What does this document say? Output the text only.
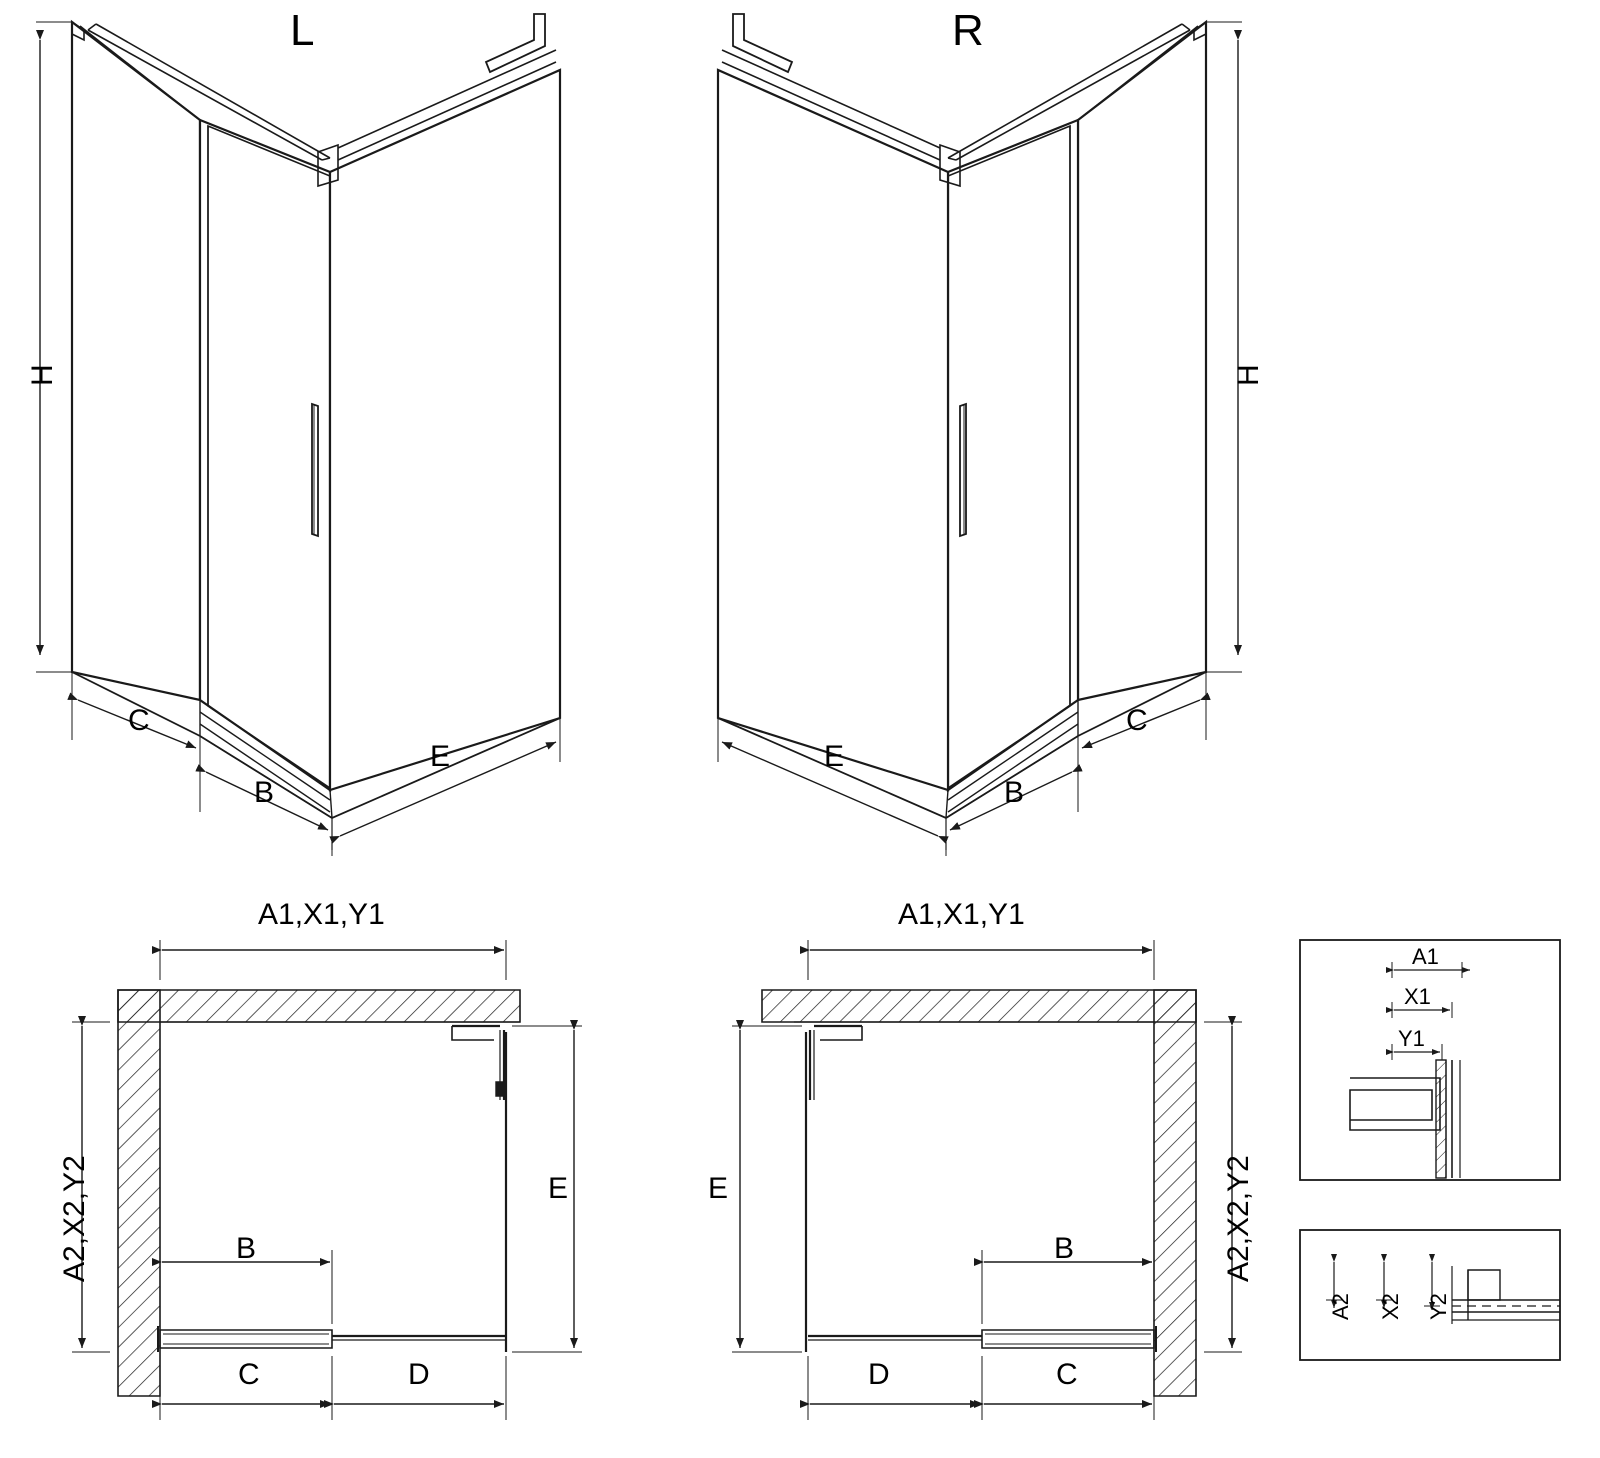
L	R
H
C
B
E
H
C
B
E
A1,X1,Y1
A2,X2,Y2	E
B
C	D
A1,X1,Y1
A2,X2,Y2
E
B
C
D
A1
X1
Y1
A2 X2 Y2
